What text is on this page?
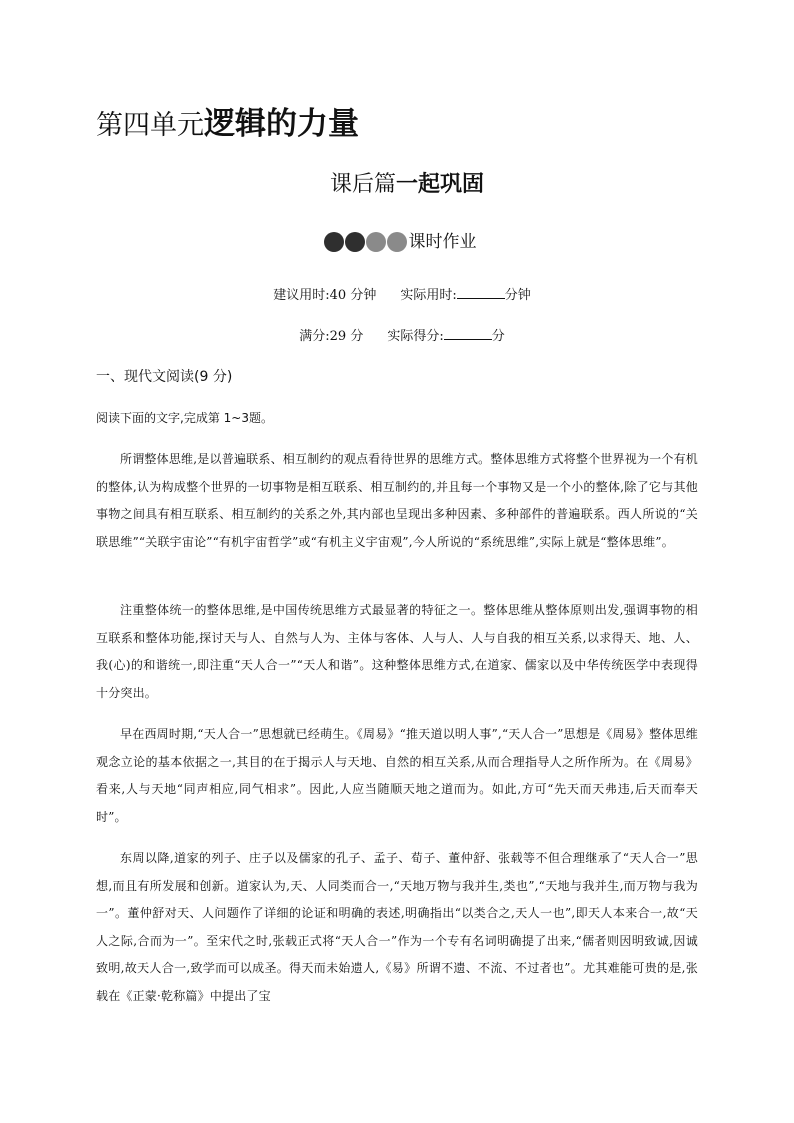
第四单元逻辑的力量
课后篇一起巩固
课时作业
建议用时:40 分钟 实际用时:	分钟
满分:29 分 实际得分:	分
一、现代文阅读(9 分)
阅读下面的文字,完成第 1~3题。

所谓整体思维,是以普遍联系、相互制约的观点看待世界的思维方式。整体思维方式将整个世界视为一个有机的整体,认为构成整个世界的一切事物是相互联系、相互制约的,并且每一个事物又是一个小的整体,除了它与其他事物之间具有相互联系、相互制约的关系之外,其内部也呈现出多种因素、多种部件的普遍联系。西人所说的“关联思维”“关联宇宙论”“有机宇宙哲学”或“有机主义宇宙观”,今人所说的“系统思维”,实际上就是“整体思维”。

注重整体统一的整体思维,是中国传统思维方式最显著的特征之一。整体思维从整体原则出发,强调事物的相互联系和整体功能,探讨天与人、自然与人为、主体与客体、人与人、人与自我的相互关系,以求得天、地、人、我(心)的和谐统一,即注重“天人合一”“天人和谐”。这种整体思维方式,在道家、儒家以及中华传统医学中表现得十分突出。

早在西周时期,“天人合一”思想就已经萌生。《周易》“推天道以明人事”,“天人合一”思想是《周易》整体思维观念立论的基本依据之一,其目的在于揭示人与天地、自然的相互关系,从而合理指导人之所作所为。在《周易》看来,人与天地“同声相应,同气相求”。因此,人应当随顺天地之道而为。如此,方可“先天而天弗违,后天而奉天时”。

东周以降,道家的列子、庄子以及儒家的孔子、孟子、荀子、董仲舒、张载等不但合理继承了“天人合一”思想,而且有所发展和创新。道家认为,天、人同类而合一,“天地万物与我并生,类也”,“天地与我并生,而万物与我为一”。董仲舒对天、人问题作了详细的论证和明确的表述,明确指出“以类合之,天人一也”,即天人本来合一,故“天人之际,合而为一”。至宋代之时,张载正式将“天人合一”作为一个专有名词明确提了出来,“儒者则因明致诚,因诚致明,故天人合一,致学而可以成圣。得天而未始遗人,《易》所谓不遗、不流、不过者也”。尤其难能可贵的是,张载在《正蒙·乾称篇》中提出了宝
